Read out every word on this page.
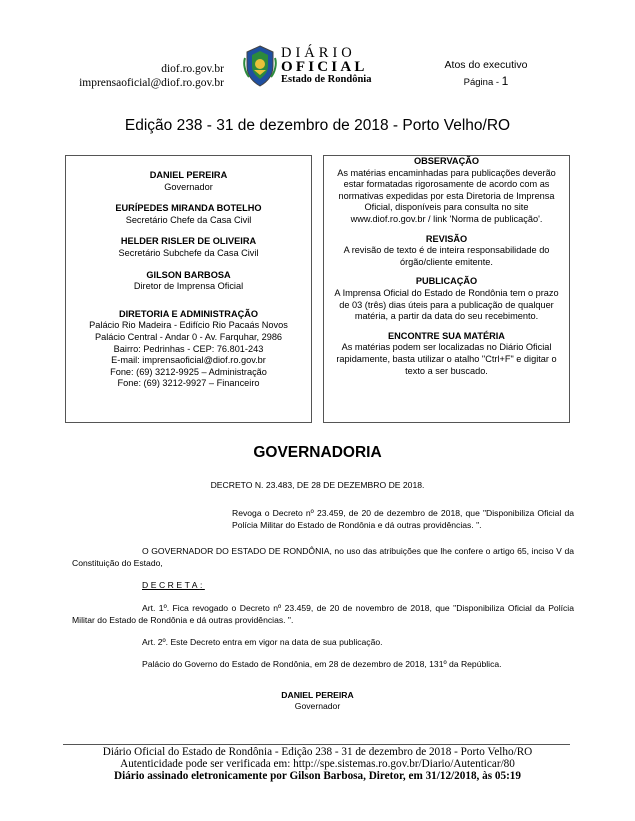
diof.ro.gov.br
imprensaoficial@diof.ro.gov.br
DIÁRIO
OFICIAL
Estado de Rondônia
Atos do executivo
Página - 1
Edição 238 - 31 de dezembro de 2018 - Porto Velho/RO
DANIEL PEREIRA
Governador
EURÍPEDES MIRANDA BOTELHO
Secretário Chefe da Casa Civil
HELDER RISLER DE OLIVEIRA
Secretário Subchefe da Casa Civil
GILSON BARBOSA
Diretor de Imprensa Oficial
DIRETORIA E ADMINISTRAÇÃO
Palácio Rio Madeira - Edifício Rio Pacaás Novos
Palácio Central - Andar 0 - Av. Farquhar, 2986
Bairro: Pedrinhas - CEP: 76.801-243
E-mail: imprensaoficial@diof.ro.gov.br
Fone: (69) 3212-9925 – Administração
Fone: (69) 3212-9927 – Financeiro
OBSERVAÇÃO
As matérias encaminhadas para publicações deverão estar formatadas rigorosamente de acordo com as normativas expedidas por esta Diretoria de Imprensa Oficial, disponíveis para consulta no site www.diof.ro.gov.br / link 'Norma de publicação'.
REVISÃO
A revisão de texto é de inteira responsabilidade do órgão/cliente emitente.
PUBLICAÇÃO
A Imprensa Oficial do Estado de Rondônia tem o prazo de 03 (três) dias úteis para a publicação de qualquer matéria, a partir da data do seu recebimento.
ENCONTRE SUA MATÉRIA
As matérias podem ser localizadas no Diário Oficial rapidamente, basta utilizar o atalho "Ctrl+F" e digitar o texto a ser buscado.
GOVERNADORIA
DECRETO N. 23.483, DE 28 DE DEZEMBRO DE 2018.
Revoga o Decreto nº 23.459, de 20 de dezembro de 2018, que "Disponibiliza Oficial da Polícia Militar do Estado de Rondônia e dá outras providências. ".
O GOVERNADOR DO ESTADO DE RONDÔNIA, no uso das atribuições que lhe confere o artigo 65, inciso V da Constituição do Estado,
DECRETA:
Art. 1º. Fica revogado o Decreto nº 23.459, de 20 de novembro de 2018, que "Disponibiliza Oficial da Polícia Militar do Estado de Rondônia e dá outras providências. ".
Art. 2º. Este Decreto entra em vigor na data de sua publicação.
Palácio do Governo do Estado de Rondônia, em 28 de dezembro de 2018, 131º da República.
DANIEL PEREIRA
Governador
Diário Oficial do Estado de Rondônia - Edição 238 - 31 de dezembro de 2018 - Porto Velho/RO
Autenticidade pode ser verificada em: http://spe.sistemas.ro.gov.br/Diario/Autenticar/80
Diário assinado eletronicamente por Gilson Barbosa, Diretor, em 31/12/2018, às 05:19
